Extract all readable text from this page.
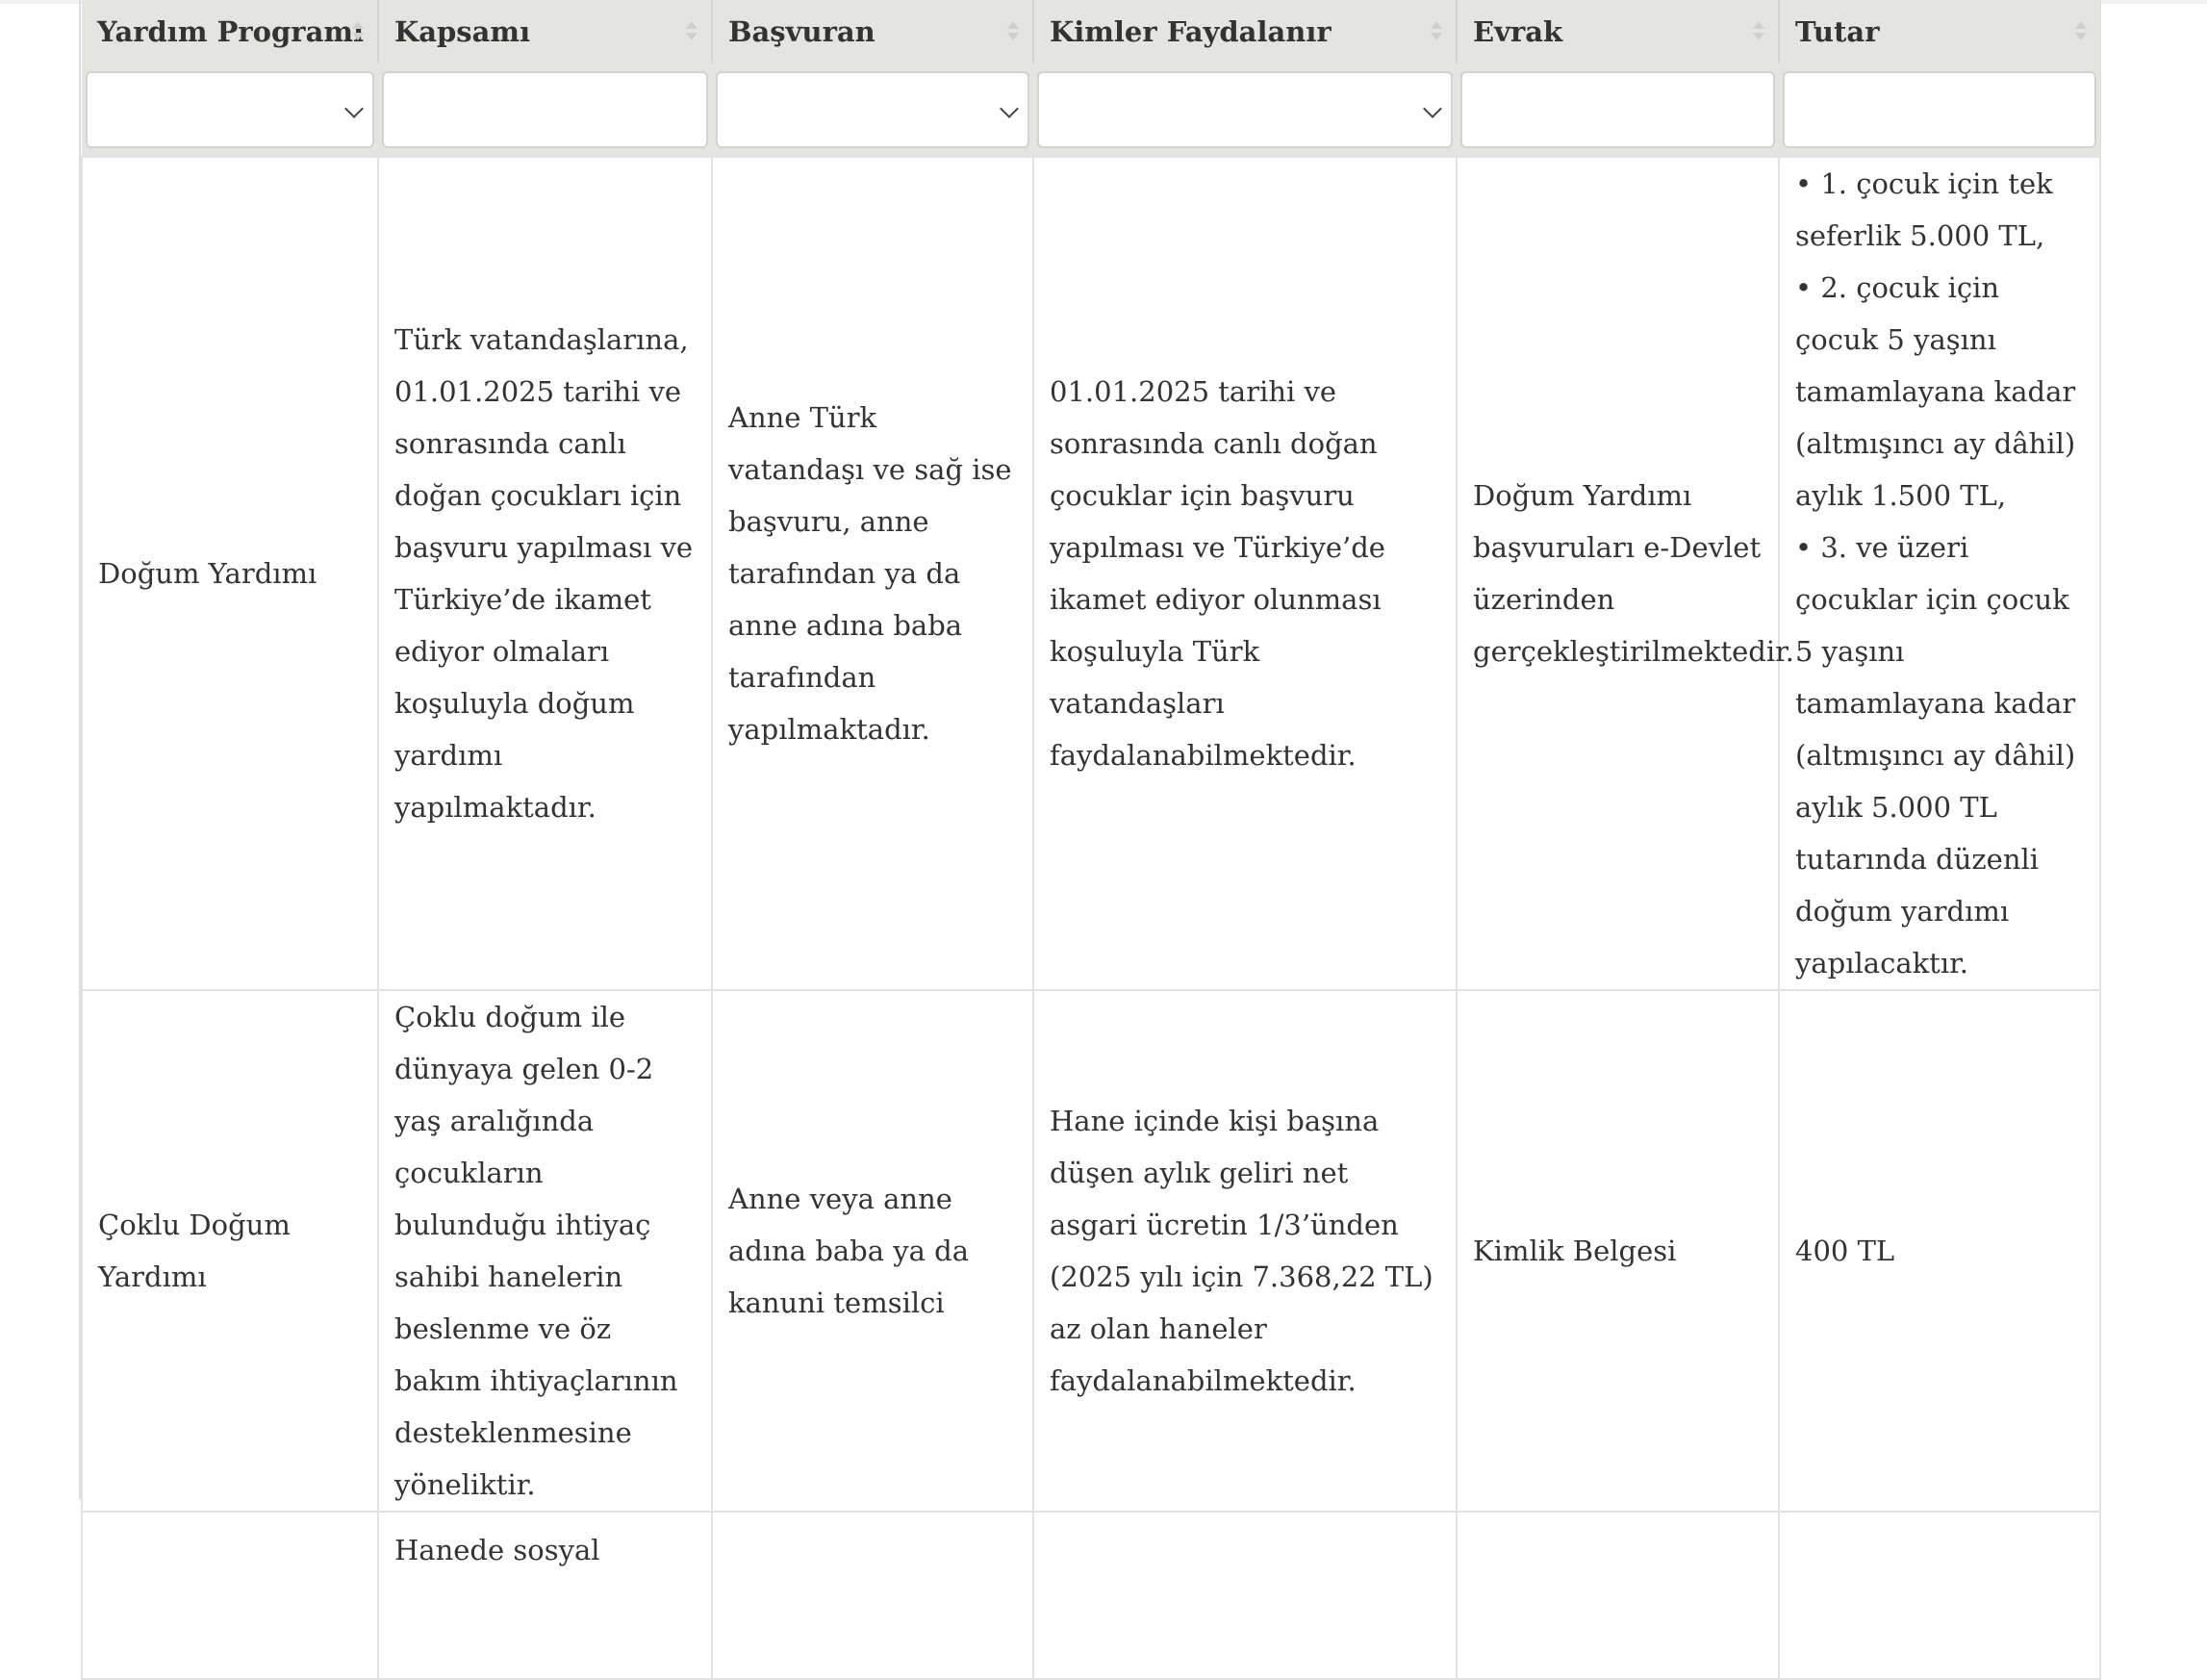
Yardım Programı	Kapsamı	Başvuran	Kimler Faydalanır	Evrak	Tutar

Doğum Yardımı	Türk vatandaşlarına, 01.01.2025 tarihi ve sonrasında canlı doğan çocukları için başvuru yapılması ve Türkiye’de ikamet ediyor olmaları koşuluyla doğum yardımı yapılmaktadır.	Anne Türk vatandaşı ve sağ ise başvuru, anne tarafından ya da anne adına baba tarafından yapılmaktadır.	01.01.2025 tarihi ve sonrasında canlı doğan çocuklar için başvuru yapılması ve Türkiye’de ikamet ediyor olunması koşuluyla Türk vatandaşları faydalanabilmektedir.	Doğum Yardımı başvuruları e-Devlet üzerinden gerçekleştirilmektedir.	• 1. çocuk için tek seferlik 5.000 TL,
• 2. çocuk için çocuk 5 yaşını tamamlayana kadar (altmışıncı ay dâhil) aylık 1.500 TL,
• 3. ve üzeri çocuklar için çocuk 5 yaşını tamamlayana kadar (altmışıncı ay dâhil) aylık 5.000 TL tutarında düzenli doğum yardımı yapılacaktır.

Çoklu Doğum Yardımı	Çoklu doğum ile dünyaya gelen 0-2 yaş aralığında çocukların bulunduğu ihtiyaç sahibi hanelerin beslenme ve öz bakım ihtiyaçlarının desteklenmesine yöneliktir.	Anne veya anne adına baba ya da kanuni temsilci	Hane içinde kişi başına düşen aylık geliri net asgari ücretin 1/3’ünden (2025 yılı için 7.368,22 TL) az olan haneler faydalanabilmektedir.	Kimlik Belgesi	400 TL
	Hanede sosyal				
